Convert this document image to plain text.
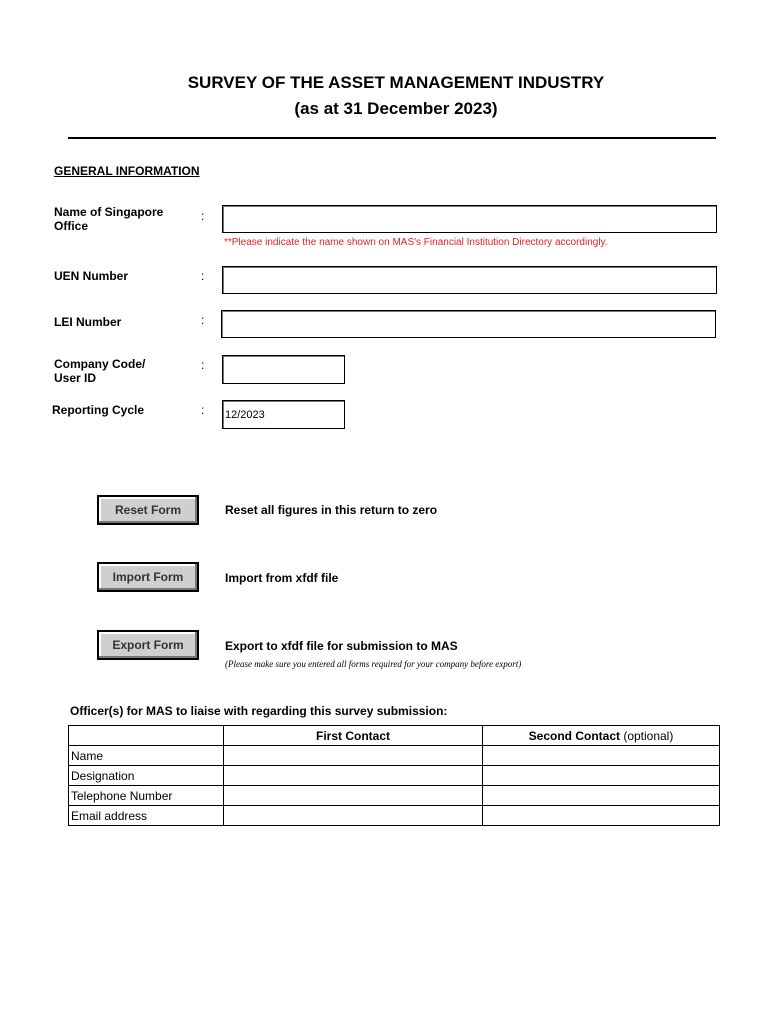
SURVEY OF THE ASSET MANAGEMENT INDUSTRY
(as at 31 December 2023)
GENERAL INFORMATION
Name of Singapore
Office
:
**Please indicate the name shown on MAS's Financial Institution Directory accordingly.
UEN Number	:
LEI Number	:
Company Code/
User ID
:
Reporting Cycle	: 12/2023
Reset Form	Reset all figures in this return to zero
Import Form	Import from xfdf file
Export Form	Export to xfdf file for submission to MAS
(Please make sure you entered all forms required for your company before export)
Officer(s) for MAS to liaise with regarding this survey submission:
	First Contact	Second Contact (optional)
Name		
Designation		
Telephone Number		
Email address		
